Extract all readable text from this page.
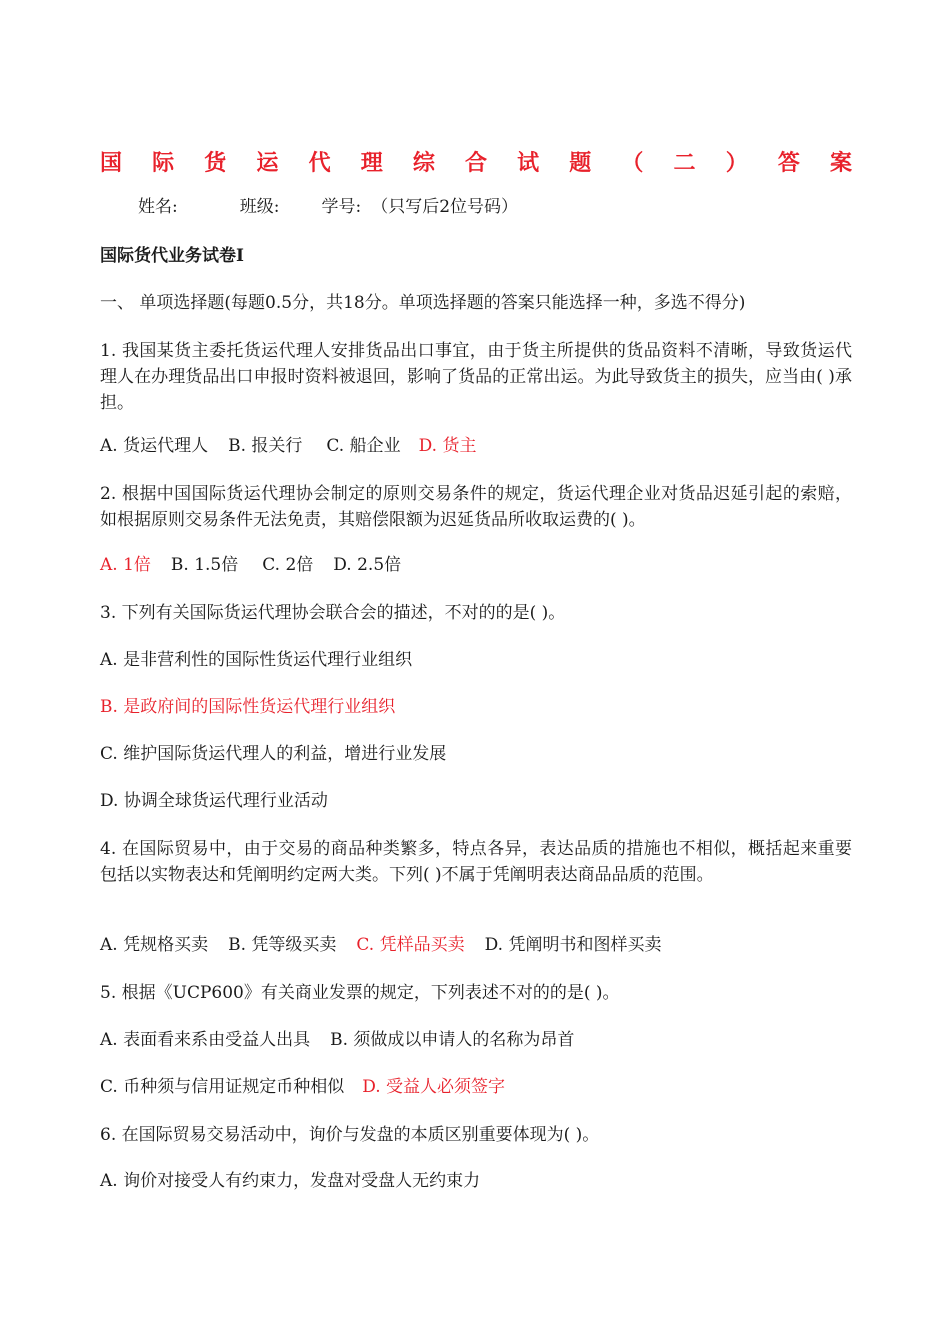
国 际 货 运 代 理 综 合 试 题 （ 二 ） 答 案
姓名:	班级: 学号: （只写后2位号码）
国际货代业务试卷Ⅰ
一、 单项选择题(每题0.5分，共18分。单项选择题的答案只能选择一种，多选不得分)
1. 我国某货主委托货运代理人安排货品出口事宜，由于货主所提供的货品资料不清晰，导致货运代理人在办理货品出口申报时资料被退回，影响了货品的正常出运。为此导致货主的损失，应当由( )承担。
A. 货运代理人 B. 报关行 C. 船企业 D. 货主
2. 根据中国国际货运代理协会制定的原则交易条件的规定，货运代理企业对货品迟延引起的索赔，如根据原则交易条件无法免责，其赔偿限额为迟延货品所收取运费的( )。
A. 1倍 B. 1.5倍 C. 2倍 D. 2.5倍
3. 下列有关国际货运代理协会联合会的描述，不对的的是( )。
A. 是非营利性的国际性货运代理行业组织
B. 是政府间的国际性货运代理行业组织
C. 维护国际货运代理人的利益，增进行业发展
D. 协调全球货运代理行业活动
4. 在国际贸易中，由于交易的商品种类繁多，特点各异，表达品质的措施也不相似，概括起来重要包括以实物表达和凭阐明约定两大类。下列( )不属于凭阐明表达商品品质的范围。
A. 凭规格买卖 B. 凭等级买卖 C. 凭样品买卖 D. 凭阐明书和图样买卖
5. 根据《UCP600》有关商业发票的规定，下列表述不对的的是( )。
A. 表面看来系由受益人出具 B. 须做成以申请人的名称为昂首
C. 币种须与信用证规定币种相似 D. 受益人必须签字
6. 在国际贸易交易活动中，询价与发盘的本质区别重要体现为( )。
A. 询价对接受人有约束力，发盘对受盘人无约束力
